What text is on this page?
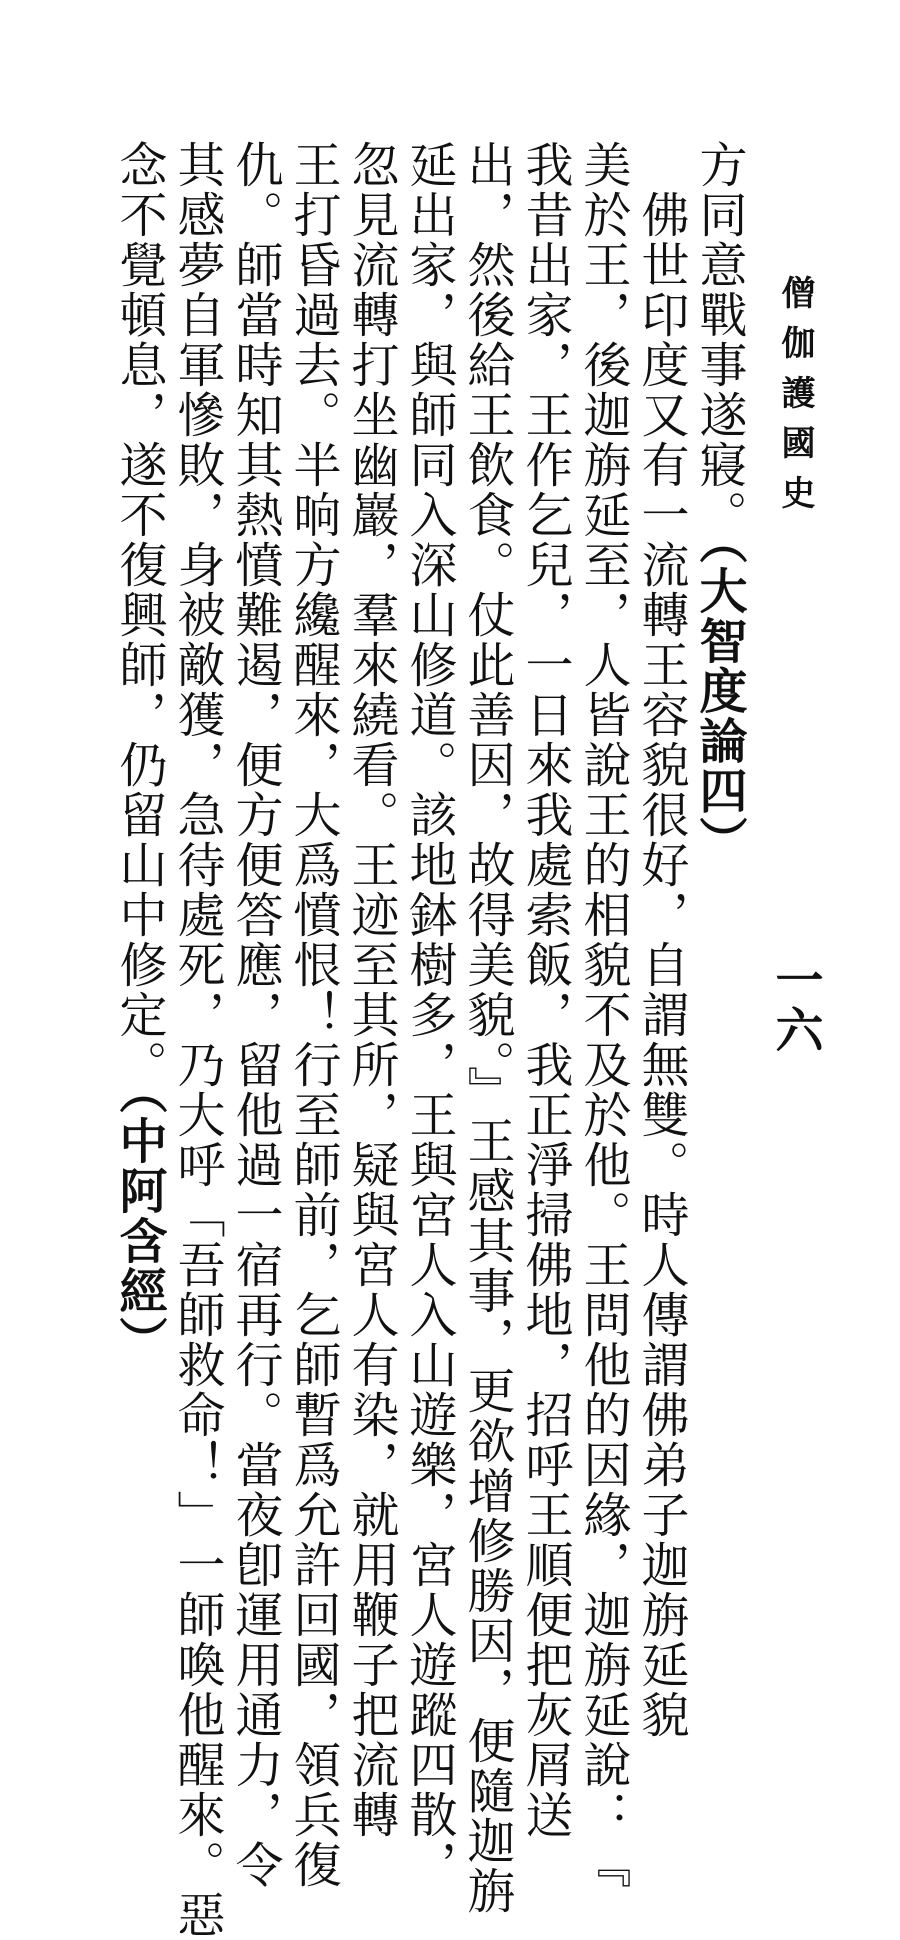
僧伽護國史
一六
方同意戰事遂寢。（大智度論四）
佛世印度又有一流轉王容貌很好，自謂無雙。時人傳謂佛弟子迦旃延貌
美於王，後迦旃延至，人皆說王的相貌不及於他。王問他的因緣，迦旃延說：『
我昔出家，王作乞兒，一日來我處索飯，我正淨掃佛地，招呼王順便把灰屑送
出，然後給王飲食。仗此善因，故得美貌。』王感其事，更欲增修勝因，便隨迦旃
延出家，與師同入深山修道。該地鉢樹多，王與宮人入山遊樂，宮人遊蹤四散，
忽見流轉打坐幽巖，羣來繞看。王迹至其所，疑與宮人有染，就用鞭子把流轉
王打昏過去。半晌方纔醒來，大爲憤恨！行至師前，乞師暫爲允許回國，領兵復
仇。師當時知其熱憤難遏，便方便答應，留他過一宿再行。當夜卽運用通力，令
其感夢自軍慘敗，身被敵獲，急待處死，乃大呼「吾師救命！」一師喚他醒來。惡
念不覺頓息，遂不復興師，仍留山中修定。（中阿含經）
